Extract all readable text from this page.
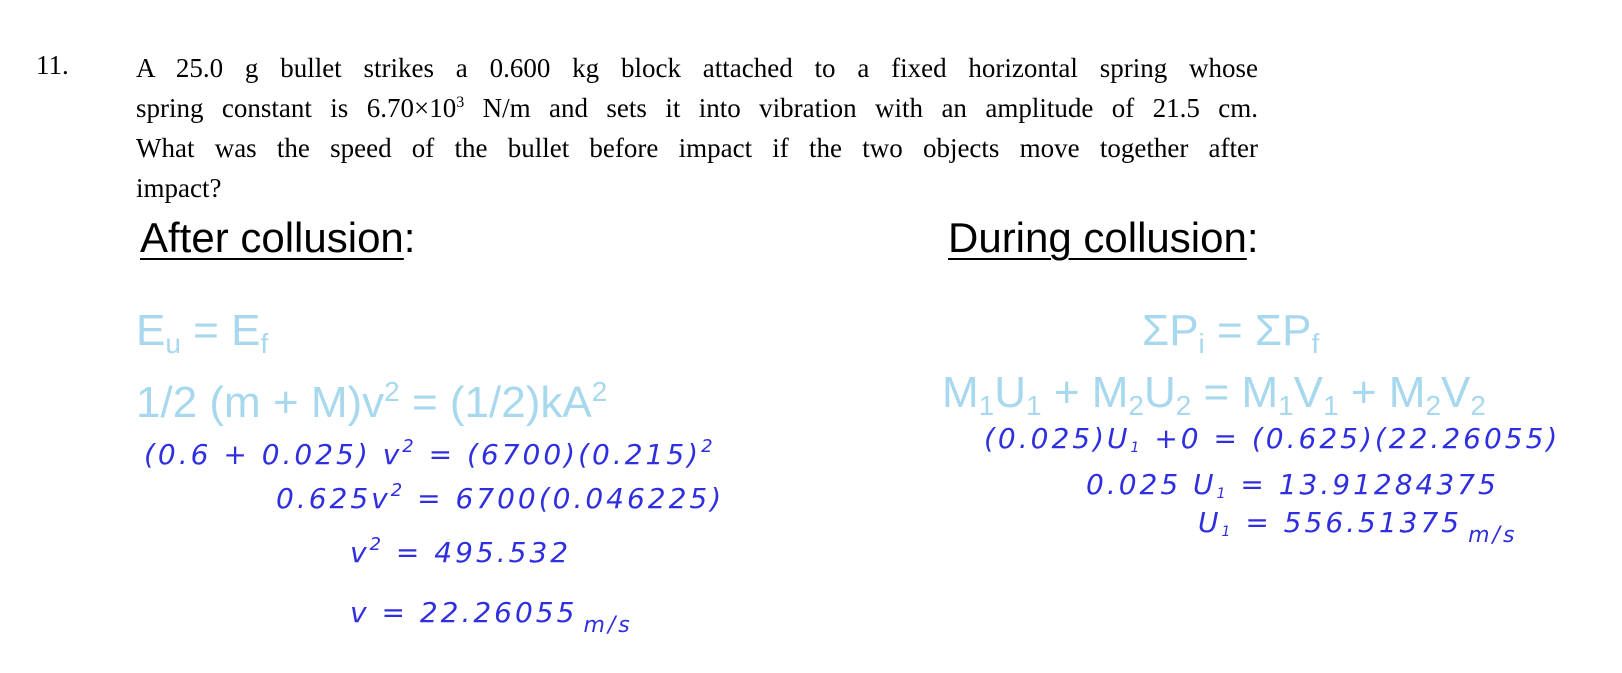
11. A 25.0 g bullet strikes a 0.600 kg block attached to a fixed horizontal spring whose
spring constant is $6.70\times 10^3$ N/m and sets it into vibration with an amplitude of 21.5 cm.
What was the speed of the bullet before impact if the two objects move together after
impact?
After collusion:
$E_u = E_f$
1/2 $(m + M)v^2 = (1/2)kA^2$
(0.6 + 0.025) $v^2 = (6700)(0.215)^2$
$0.625v^2 = 6700(0.046225)$
$v^2 = 495.532$
v = 22.26055 $_{m/s}$
During collusion:
$\Sigma P_i = \Sigma P_f$
$M_1U_1 + M_2U_2 = M_1V_1 + M_2V_2$
$(0.025)U_1 +0 = (0.625)(22.26055)$
0.025 $U_1 = 13.91284375$
$U_1 = 556.51375$ $_{m/s}$
